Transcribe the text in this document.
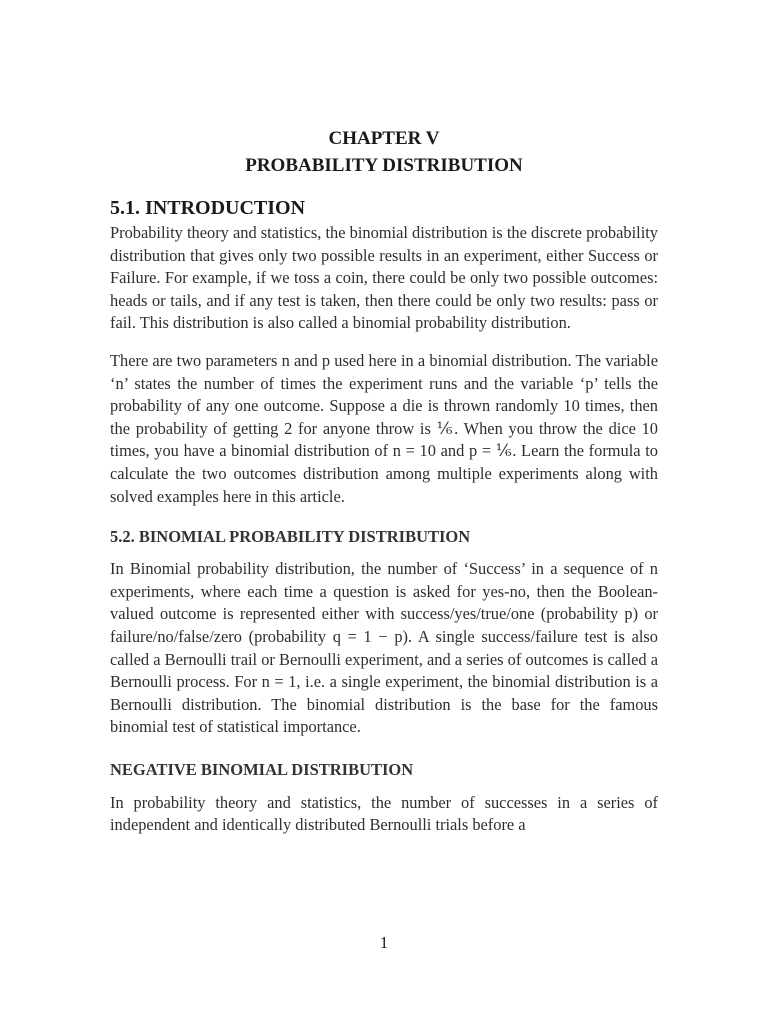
CHAPTER V
PROBABILITY DISTRIBUTION
5.1. INTRODUCTION

Probability theory and statistics, the binomial distribution is the discrete probability distribution that gives only two possible results in an experiment, either Success or Failure. For example, if we toss a coin, there could be only two possible outcomes: heads or tails, and if any test is taken, then there could be only two results: pass or fail. This distribution is also called a binomial probability distribution.

There are two parameters n and p used here in a binomial distribution. The variable ‘n’ states the number of times the experiment runs and the variable ‘p’ tells the probability of any one outcome. Suppose a die is thrown randomly 10 times, then the probability of getting 2 for anyone throw is ⅙. When you throw the dice 10 times, you have a binomial distribution of n = 10 and p = ⅙. Learn the formula to calculate the two outcomes distribution among multiple experiments along with solved examples here in this article.

5.2. BINOMIAL PROBABILITY DISTRIBUTION

In Binomial probability distribution, the number of ‘Success’ in a sequence of n experiments, where each time a question is asked for yes-no, then the Boolean-valued outcome is represented either with success/yes/true/one (probability p) or failure/no/false/zero (probability q = 1 − p). A single success/failure test is also called a Bernoulli trail or Bernoulli experiment, and a series of outcomes is called a Bernoulli process. For n = 1, i.e. a single experiment, the binomial distribution is a Bernoulli distribution. The binomial distribution is the base for the famous binomial test of statistical importance.

NEGATIVE BINOMIAL DISTRIBUTION

In probability theory and statistics, the number of successes in a series of independent and identically distributed Bernoulli trials before a

1
